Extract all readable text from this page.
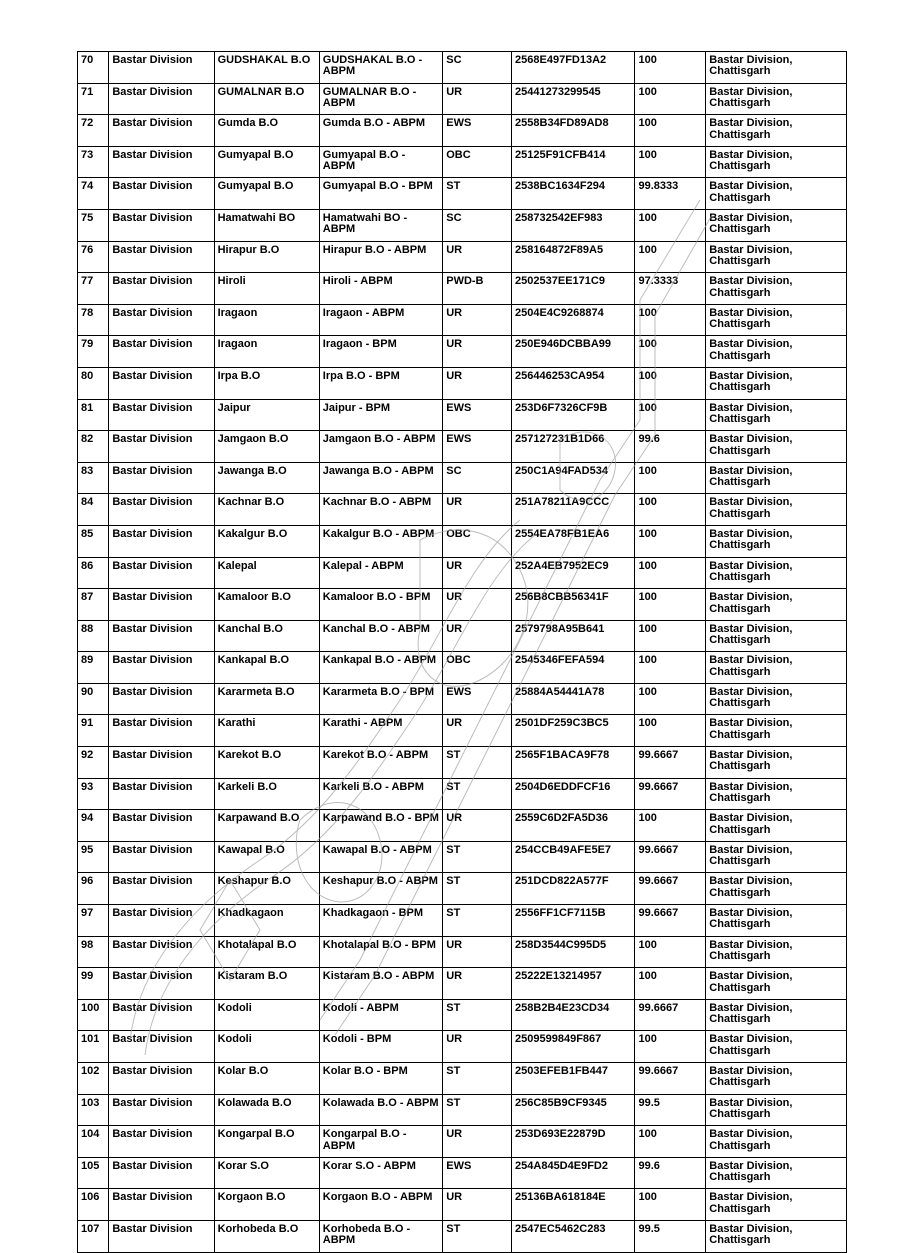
70	Bastar Division	GUDSHAKAL B.O	GUDSHAKAL B.O - ABPM	SC	2568E497FD13A2	100	Bastar Division, Chattisgarh
71	Bastar Division	GUMALNAR B.O	GUMALNAR B.O - ABPM	UR	25441273299545	100	Bastar Division, Chattisgarh
72	Bastar Division	Gumda B.O	Gumda B.O - ABPM	EWS	2558B34FD89AD8	100	Bastar Division, Chattisgarh
73	Bastar Division	Gumyapal B.O	Gumyapal B.O - ABPM	OBC	25125F91CFB414	100	Bastar Division, Chattisgarh
74	Bastar Division	Gumyapal B.O	Gumyapal B.O - BPM	ST	2538BC1634F294	99.8333	Bastar Division, Chattisgarh
75	Bastar Division	Hamatwahi BO	Hamatwahi BO - ABPM	SC	258732542EF983	100	Bastar Division, Chattisgarh
76	Bastar Division	Hirapur B.O	Hirapur B.O - ABPM	UR	258164872F89A5	100	Bastar Division, Chattisgarh
77	Bastar Division	Hiroli	Hiroli - ABPM	PWD-B	2502537EE171C9	97.3333	Bastar Division, Chattisgarh
78	Bastar Division	Iragaon	Iragaon - ABPM	UR	2504E4C9268874	100	Bastar Division, Chattisgarh
79	Bastar Division	Iragaon	Iragaon - BPM	UR	250E946DCBBA99	100	Bastar Division, Chattisgarh
80	Bastar Division	Irpa B.O	Irpa B.O - BPM	UR	256446253CA954	100	Bastar Division, Chattisgarh
81	Bastar Division	Jaipur	Jaipur - BPM	EWS	253D6F7326CF9B	100	Bastar Division, Chattisgarh
82	Bastar Division	Jamgaon B.O	Jamgaon B.O - ABPM	EWS	257127231B1D66	99.6	Bastar Division, Chattisgarh
83	Bastar Division	Jawanga B.O	Jawanga B.O - ABPM	SC	250C1A94FAD534	100	Bastar Division, Chattisgarh
84	Bastar Division	Kachnar B.O	Kachnar B.O - ABPM	UR	251A78211A9CCC	100	Bastar Division, Chattisgarh
85	Bastar Division	Kakalgur B.O	Kakalgur B.O - ABPM	OBC	2554EA78FB1EA6	100	Bastar Division, Chattisgarh
86	Bastar Division	Kalepal	Kalepal - ABPM	UR	252A4EB7952EC9	100	Bastar Division, Chattisgarh
87	Bastar Division	Kamaloor B.O	Kamaloor B.O - BPM	UR	256B8CBB56341F	100	Bastar Division, Chattisgarh
88	Bastar Division	Kanchal B.O	Kanchal B.O - ABPM	UR	2579798A95B641	100	Bastar Division, Chattisgarh
89	Bastar Division	Kankapal B.O	Kankapal B.O - ABPM	OBC	2545346FEFA594	100	Bastar Division, Chattisgarh
90	Bastar Division	Kararmeta B.O	Kararmeta B.O - BPM	EWS	25884A54441A78	100	Bastar Division, Chattisgarh
91	Bastar Division	Karathi	Karathi - ABPM	UR	2501DF259C3BC5	100	Bastar Division, Chattisgarh
92	Bastar Division	Karekot B.O	Karekot B.O - ABPM	ST	2565F1BACA9F78	99.6667	Bastar Division, Chattisgarh
93	Bastar Division	Karkeli B.O	Karkeli B.O - ABPM	ST	2504D6EDDFCF16	99.6667	Bastar Division, Chattisgarh
94	Bastar Division	Karpawand B.O	Karpawand B.O - BPM	UR	2559C6D2FA5D36	100	Bastar Division, Chattisgarh
95	Bastar Division	Kawapal B.O	Kawapal B.O - ABPM	ST	254CCB49AFE5E7	99.6667	Bastar Division, Chattisgarh
96	Bastar Division	Keshapur B.O	Keshapur B.O - ABPM	ST	251DCD822A577F	99.6667	Bastar Division, Chattisgarh
97	Bastar Division	Khadkagaon	Khadkagaon - BPM	ST	2556FF1CF7115B	99.6667	Bastar Division, Chattisgarh
98	Bastar Division	Khotalapal B.O	Khotalapal B.O - BPM	UR	258D3544C995D5	100	Bastar Division, Chattisgarh
99	Bastar Division	Kistaram B.O	Kistaram B.O - ABPM	UR	25222E13214957	100	Bastar Division, Chattisgarh
100	Bastar Division	Kodoli	Kodoli - ABPM	ST	258B2B4E23CD34	99.6667	Bastar Division, Chattisgarh
101	Bastar Division	Kodoli	Kodoli - BPM	UR	2509599849F867	100	Bastar Division, Chattisgarh
102	Bastar Division	Kolar B.O	Kolar B.O - BPM	ST	2503EFEB1FB447	99.6667	Bastar Division, Chattisgarh
103	Bastar Division	Kolawada B.O	Kolawada B.O - ABPM	ST	256C85B9CF9345	99.5	Bastar Division, Chattisgarh
104	Bastar Division	Kongarpal B.O	Kongarpal B.O - ABPM	UR	253D693E22879D	100	Bastar Division, Chattisgarh
105	Bastar Division	Korar S.O	Korar S.O - ABPM	EWS	254A845D4E9FD2	99.6	Bastar Division, Chattisgarh
106	Bastar Division	Korgaon B.O	Korgaon B.O - ABPM	UR	25136BA618184E	100	Bastar Division, Chattisgarh
107	Bastar Division	Korhobeda B.O	Korhobeda B.O - ABPM	ST	2547EC5462C283	99.5	Bastar Division, Chattisgarh
